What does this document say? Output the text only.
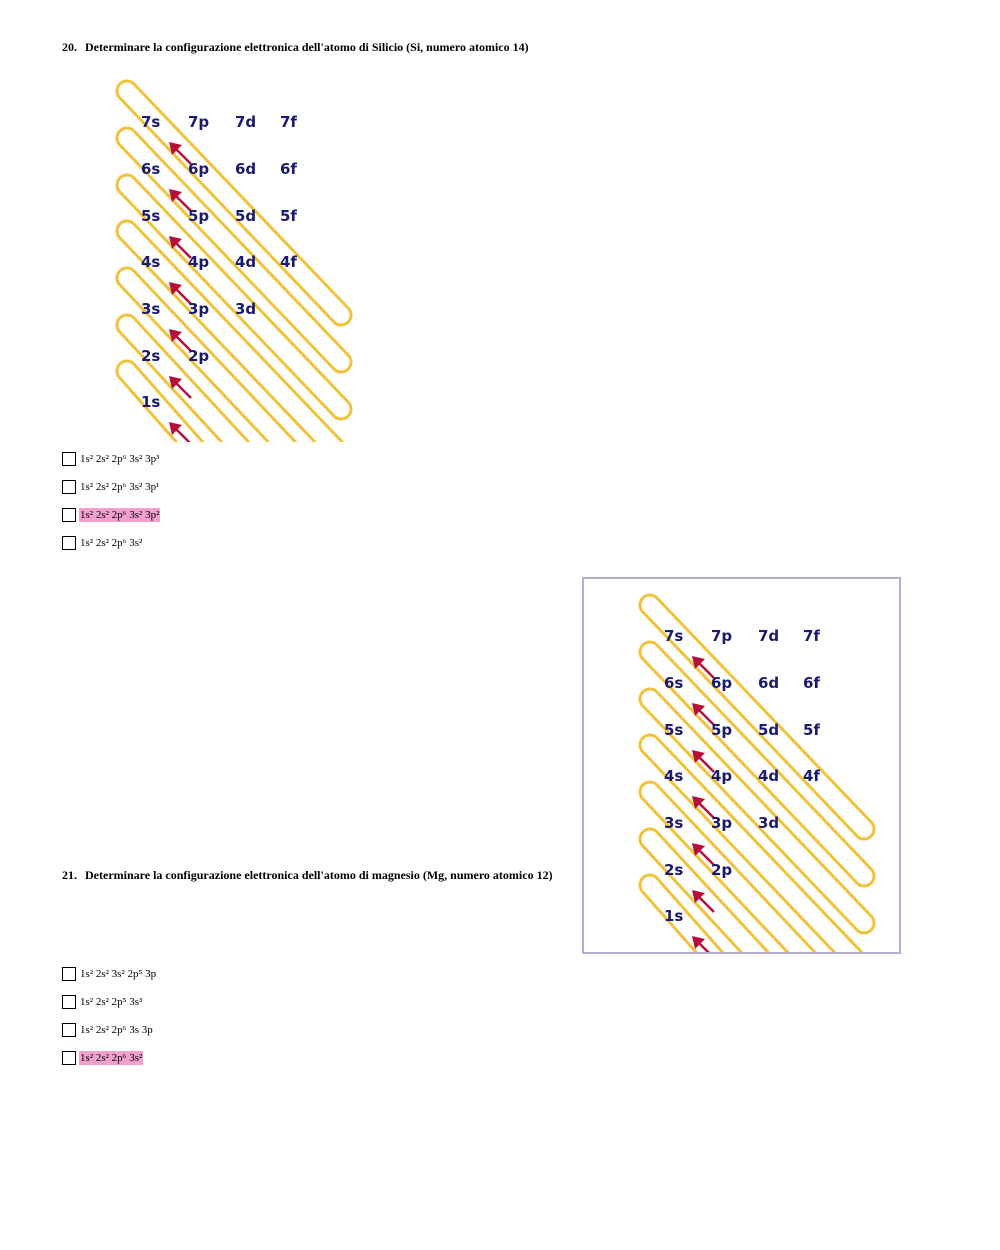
20. Determinare la configurazione elettronica dell'atomo di Silicio (Si, numero atomico 14)
7s 7p 7d 7f
6s 6p 6d 6f
5s 5p 5d 5f
4s 4p 4d 4f
3s 3p 3d
2s 2p
1s
1s² 2s² 2p⁶ 3s² 3p³
1s² 2s² 2p⁶ 3s² 3p¹
1s² 2s² 2p⁶ 3s² 3p²
1s² 2s² 2p⁶ 3s²
7s 7p 7d 7f
6s 6p 6d 6f
5s 5p 5d 5f
4s 4p 4d 4f
3s 3p 3d
2s 2p
1s
21. Determinare la configurazione elettronica dell'atomo di magnesio (Mg, numero atomico 12)
1s² 2s² 3s² 2p⁵ 3p
1s² 2s² 2p⁵ 3s³
1s² 2s² 2p⁶ 3s 3p
1s² 2s² 2p⁶ 3s²
